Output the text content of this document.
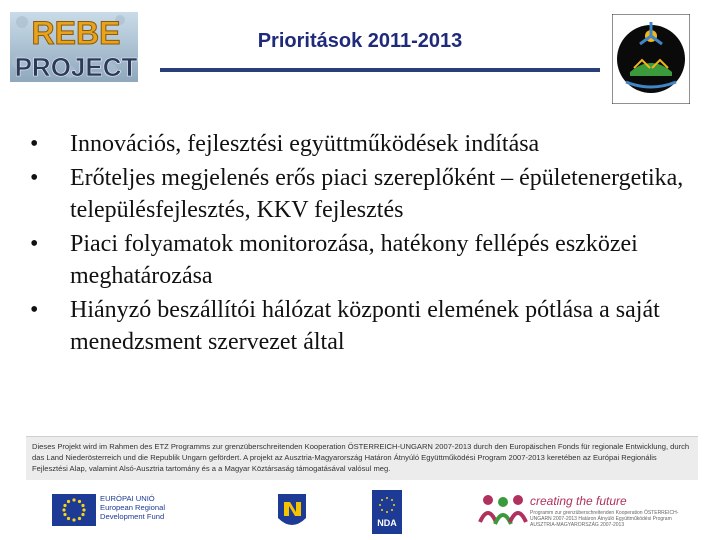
REBE
PROJECT
Prioritások 2011-2013
• Innovációs, fejlesztési együttműködések indítása
• Erőteljes megjelenés erős piaci szereplőként – épületenergetika, településfejlesztés, KKV fejlesztés
• Piaci folyamatok monitorozása, hatékony fellépés eszközei meghatározása
• Hiányzó beszállítói hálózat központi elemének pótlása a saját menedzsment szervezet által
Dieses Projekt wird im Rahmen des ETZ Programms zur grenzüberschreitenden Kooperation ÖSTERREICH-UNGARN 2007-2013 durch den Europäischen Fonds für regionale Entwicklung, durch das Land Niederösterreich und die Republik Ungarn gefördert. A projekt az Ausztria-Magyarország Határon Átnyúló Együttműködési Program 2007-2013 keretében az Európai Regionális Fejlesztési Alap, valamint Alsó-Ausztria tartomány és a a Magyar Köztársaság támogatásával valósul meg.
EURÓPAI UNIÓ
European Regional
Development Fund
NDA
creating the future
Programm zur grenzüberschreitenden Kooperation ÖSTERREICH-UNGARN 2007-2013 Határon Átnyúló Együttműködési Program AUSZTRIA-MAGYARORSZÁG 2007-2013
